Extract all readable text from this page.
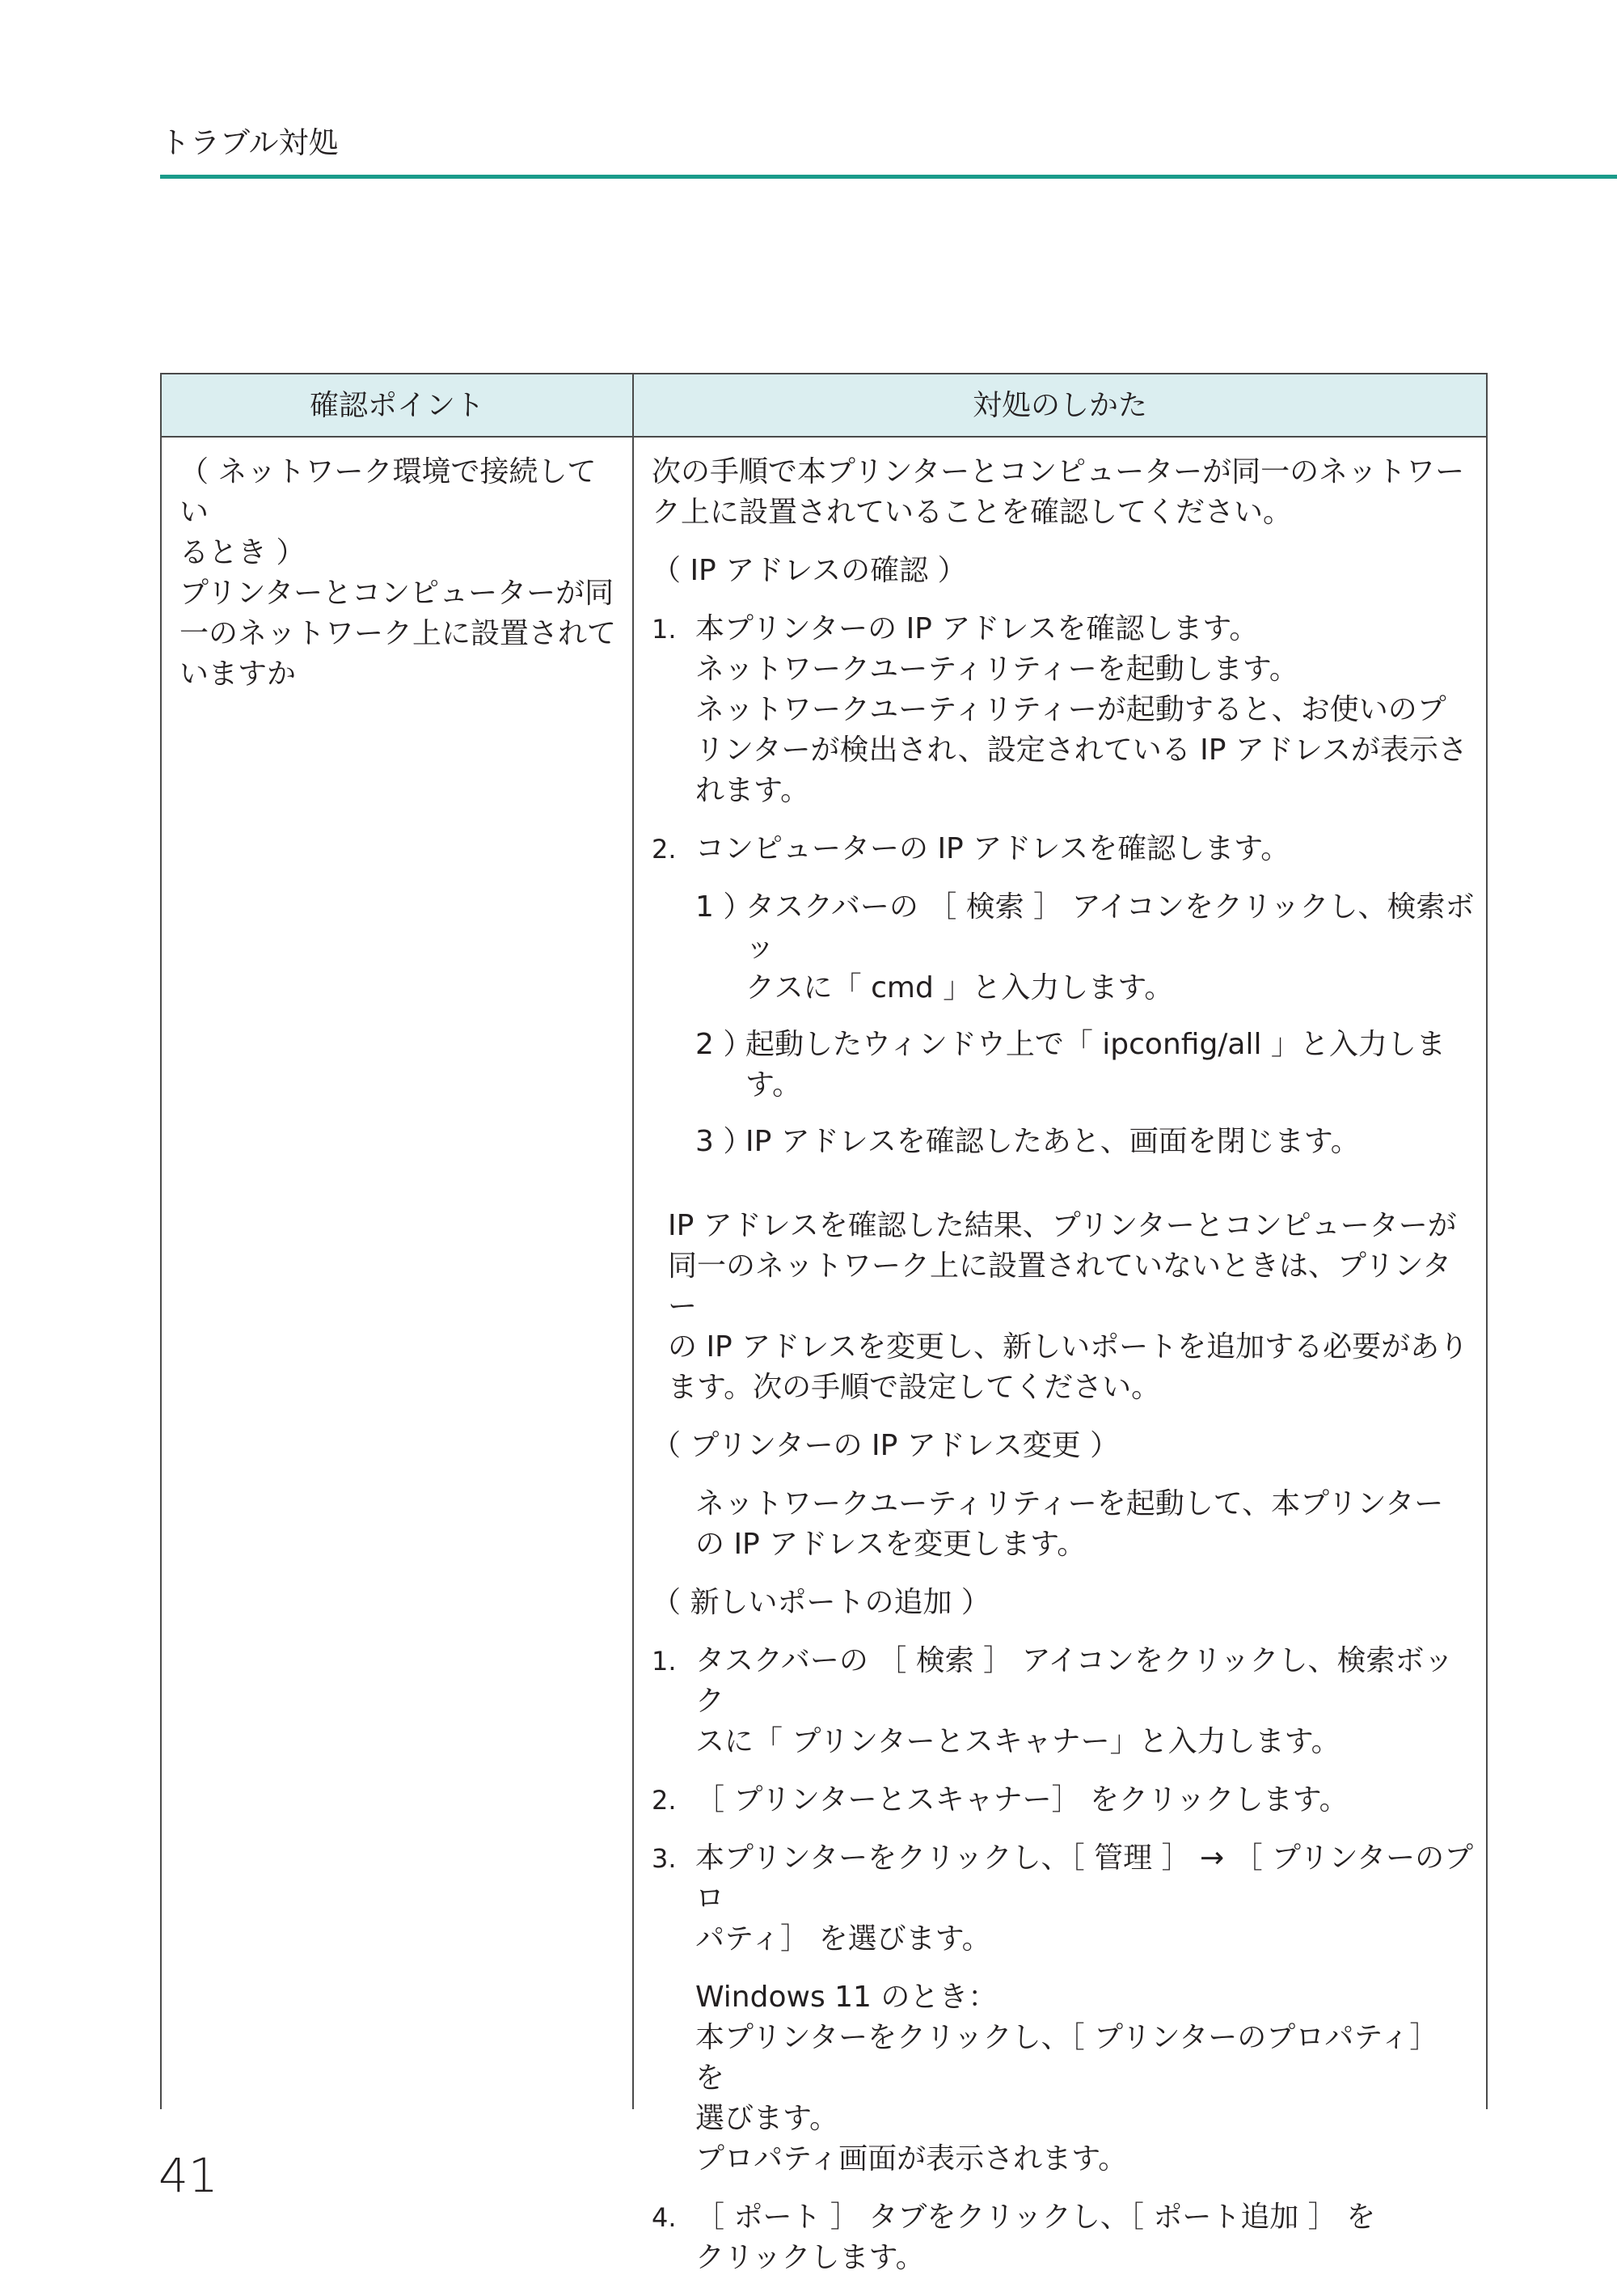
トラブル対処
確認ポイント	対処のしかた
（ ネットワーク環境で接続してい
るとき ）
プリンターとコンピューターが同
一のネットワーク上に設置されて
いますか
次の手順で本プリンターとコンピューターが同一のネットワー
ク上に設置されていることを確認してください。
（ IP アドレスの確認 ）
1. 本プリンターの IP アドレスを確認します。
ネットワークユーティリティーを起動します。
ネットワークユーティリティーが起動すると、お使いのプ
リンターが検出され、設定されている IP アドレスが表示さ
れます。
2. コンピューターの IP アドレスを確認します。
1 ）
タスクバーの ［ 検索 ］ アイコンをクリックし、検索ボッ
クスに「 cmd 」と入力します。
2 ）
起動したウィンドウ上で「 ipconfig/all 」と入力します。
3 ）
IP アドレスを確認したあと、画面を閉じます。
IP アドレスを確認した結果、プリンターとコンピューターが
同一のネットワーク上に設置されていないときは、プリンター
の IP アドレスを変更し、新しいポートを追加する必要があり
ます。次の手順で設定してください。
（ プリンターの IP アドレス変更 ）
ネットワークユーティリティーを起動して、本プリンター
の IP アドレスを変更します。
（ 新しいポートの追加 ）
1. タスクバーの ［ 検索 ］ アイコンをクリックし、検索ボック
スに「 プリンターとスキャナー」と入力します。
2. ［ プリンターとスキャナー］ をクリックします。
3. 本プリンターをクリックし、［ 管理 ］ → ［ プリンターのプロ
パティ］ を選びます。
Windows 11 のとき：
本プリンターをクリックし、［ プリンターのプロパティ］ を
選びます。
プロパティ画面が表示されます。
4. ［ ポート ］ タブをクリックし、［ ポート追加 ］ を
クリックします。
41
